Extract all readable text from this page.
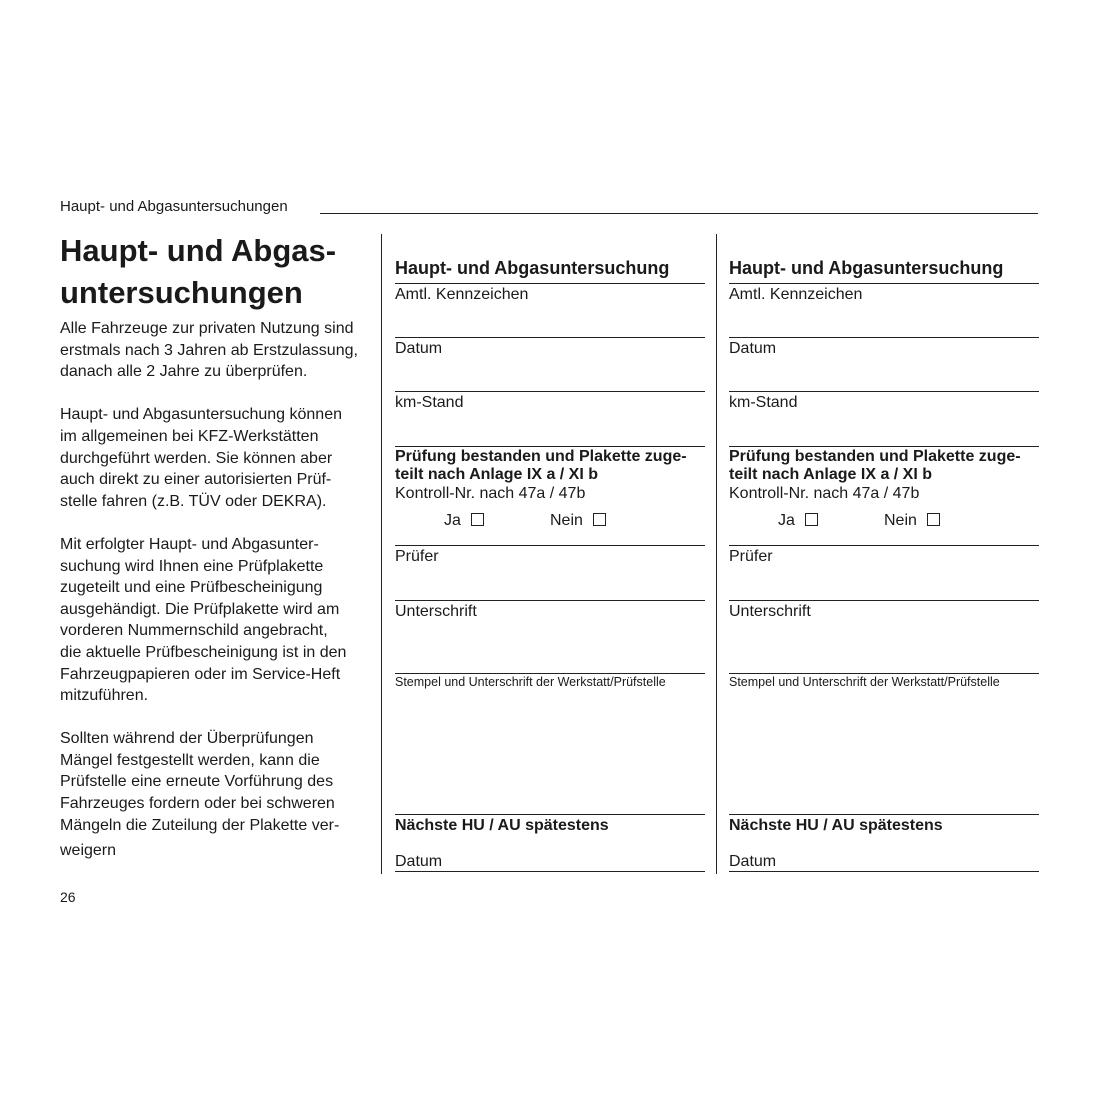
Haupt- und Abgasuntersuchungen
Haupt- und Abgas-
untersuchungen

Alle Fahrzeuge zur privaten Nutzung sind
erstmals nach 3 Jahren ab Erstzulassung,
danach alle 2 Jahre zu überprüfen.

Haupt- und Abgasuntersuchung können
im allgemeinen bei KFZ-Werkstätten
durchgeführt werden. Sie können aber
auch direkt zu einer autorisierten Prüf-
stelle fahren (z.B. TÜV oder DEKRA).

Mit erfolgter Haupt- und Abgasunter-
suchung wird Ihnen eine Prüfplakette
zugeteilt und eine Prüfbescheinigung
ausgehändigt. Die Prüfplakette wird am
vorderen Nummernschild angebracht,
die aktuelle Prüfbescheinigung ist in den
Fahrzeugpapieren oder im Service-Heft
mitzuführen.

Sollten während der Überprüfungen
Mängel festgestellt werden, kann die
Prüfstelle eine erneute Vorführung des
Fahrzeuges fordern oder bei schweren
Mängeln die Zuteilung der Plakette ver-
weigern

26
Haupt- und Abgasuntersuchung
Amtl. Kennzeichen
Datum
km-Stand
Prüfung bestanden und Plakette zuge-
teilt nach Anlage IX a / XI b
Kontroll-Nr. nach 47a / 47b
Ja	Nein
Prüfer
Unterschrift
Stempel und Unterschrift der Werkstatt/Prüfstelle
Nächste HU / AU spätestens
Datum
Haupt- und Abgasuntersuchung
Amtl. Kennzeichen
Datum
km-Stand
Prüfung bestanden und Plakette zuge-
teilt nach Anlage IX a / XI b
Kontroll-Nr. nach 47a / 47b
Ja	Nein
Prüfer
Unterschrift
Stempel und Unterschrift der Werkstatt/Prüfstelle
Nächste HU / AU spätestens
Datum
